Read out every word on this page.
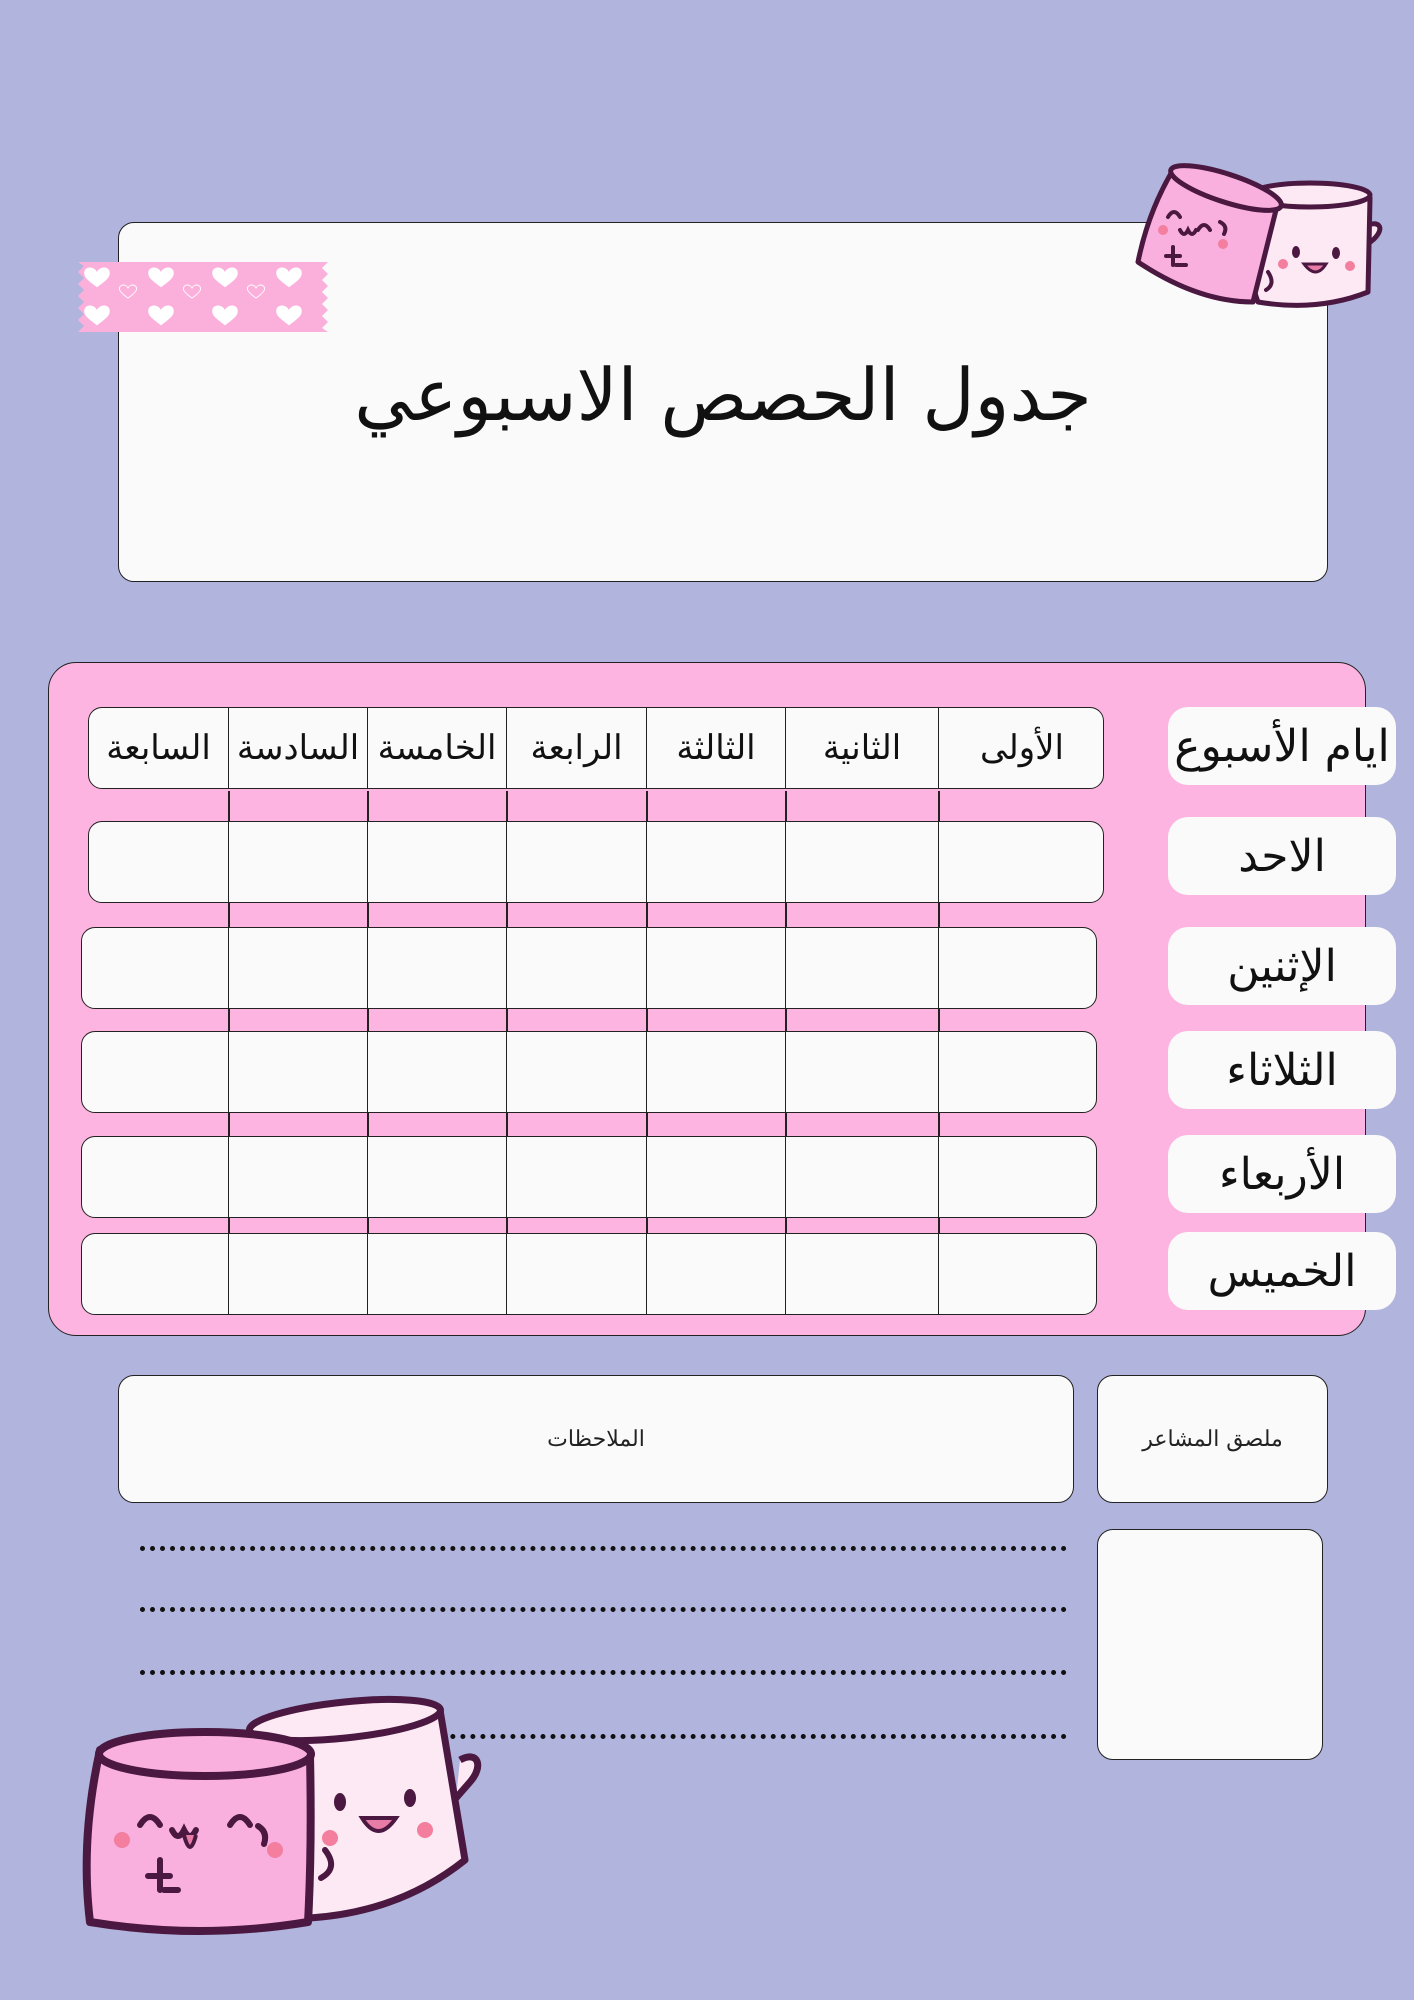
جدول الحصص الاسبوعي
ايام الأسبوع
الأولى
الثانية
الثالثة
الرابعة
الخامسة
السادسة
السابعة
الاحد
الإثنين
الثلاثاء
الأربعاء
الخميس
الملاحظات	ملصق المشاعر
